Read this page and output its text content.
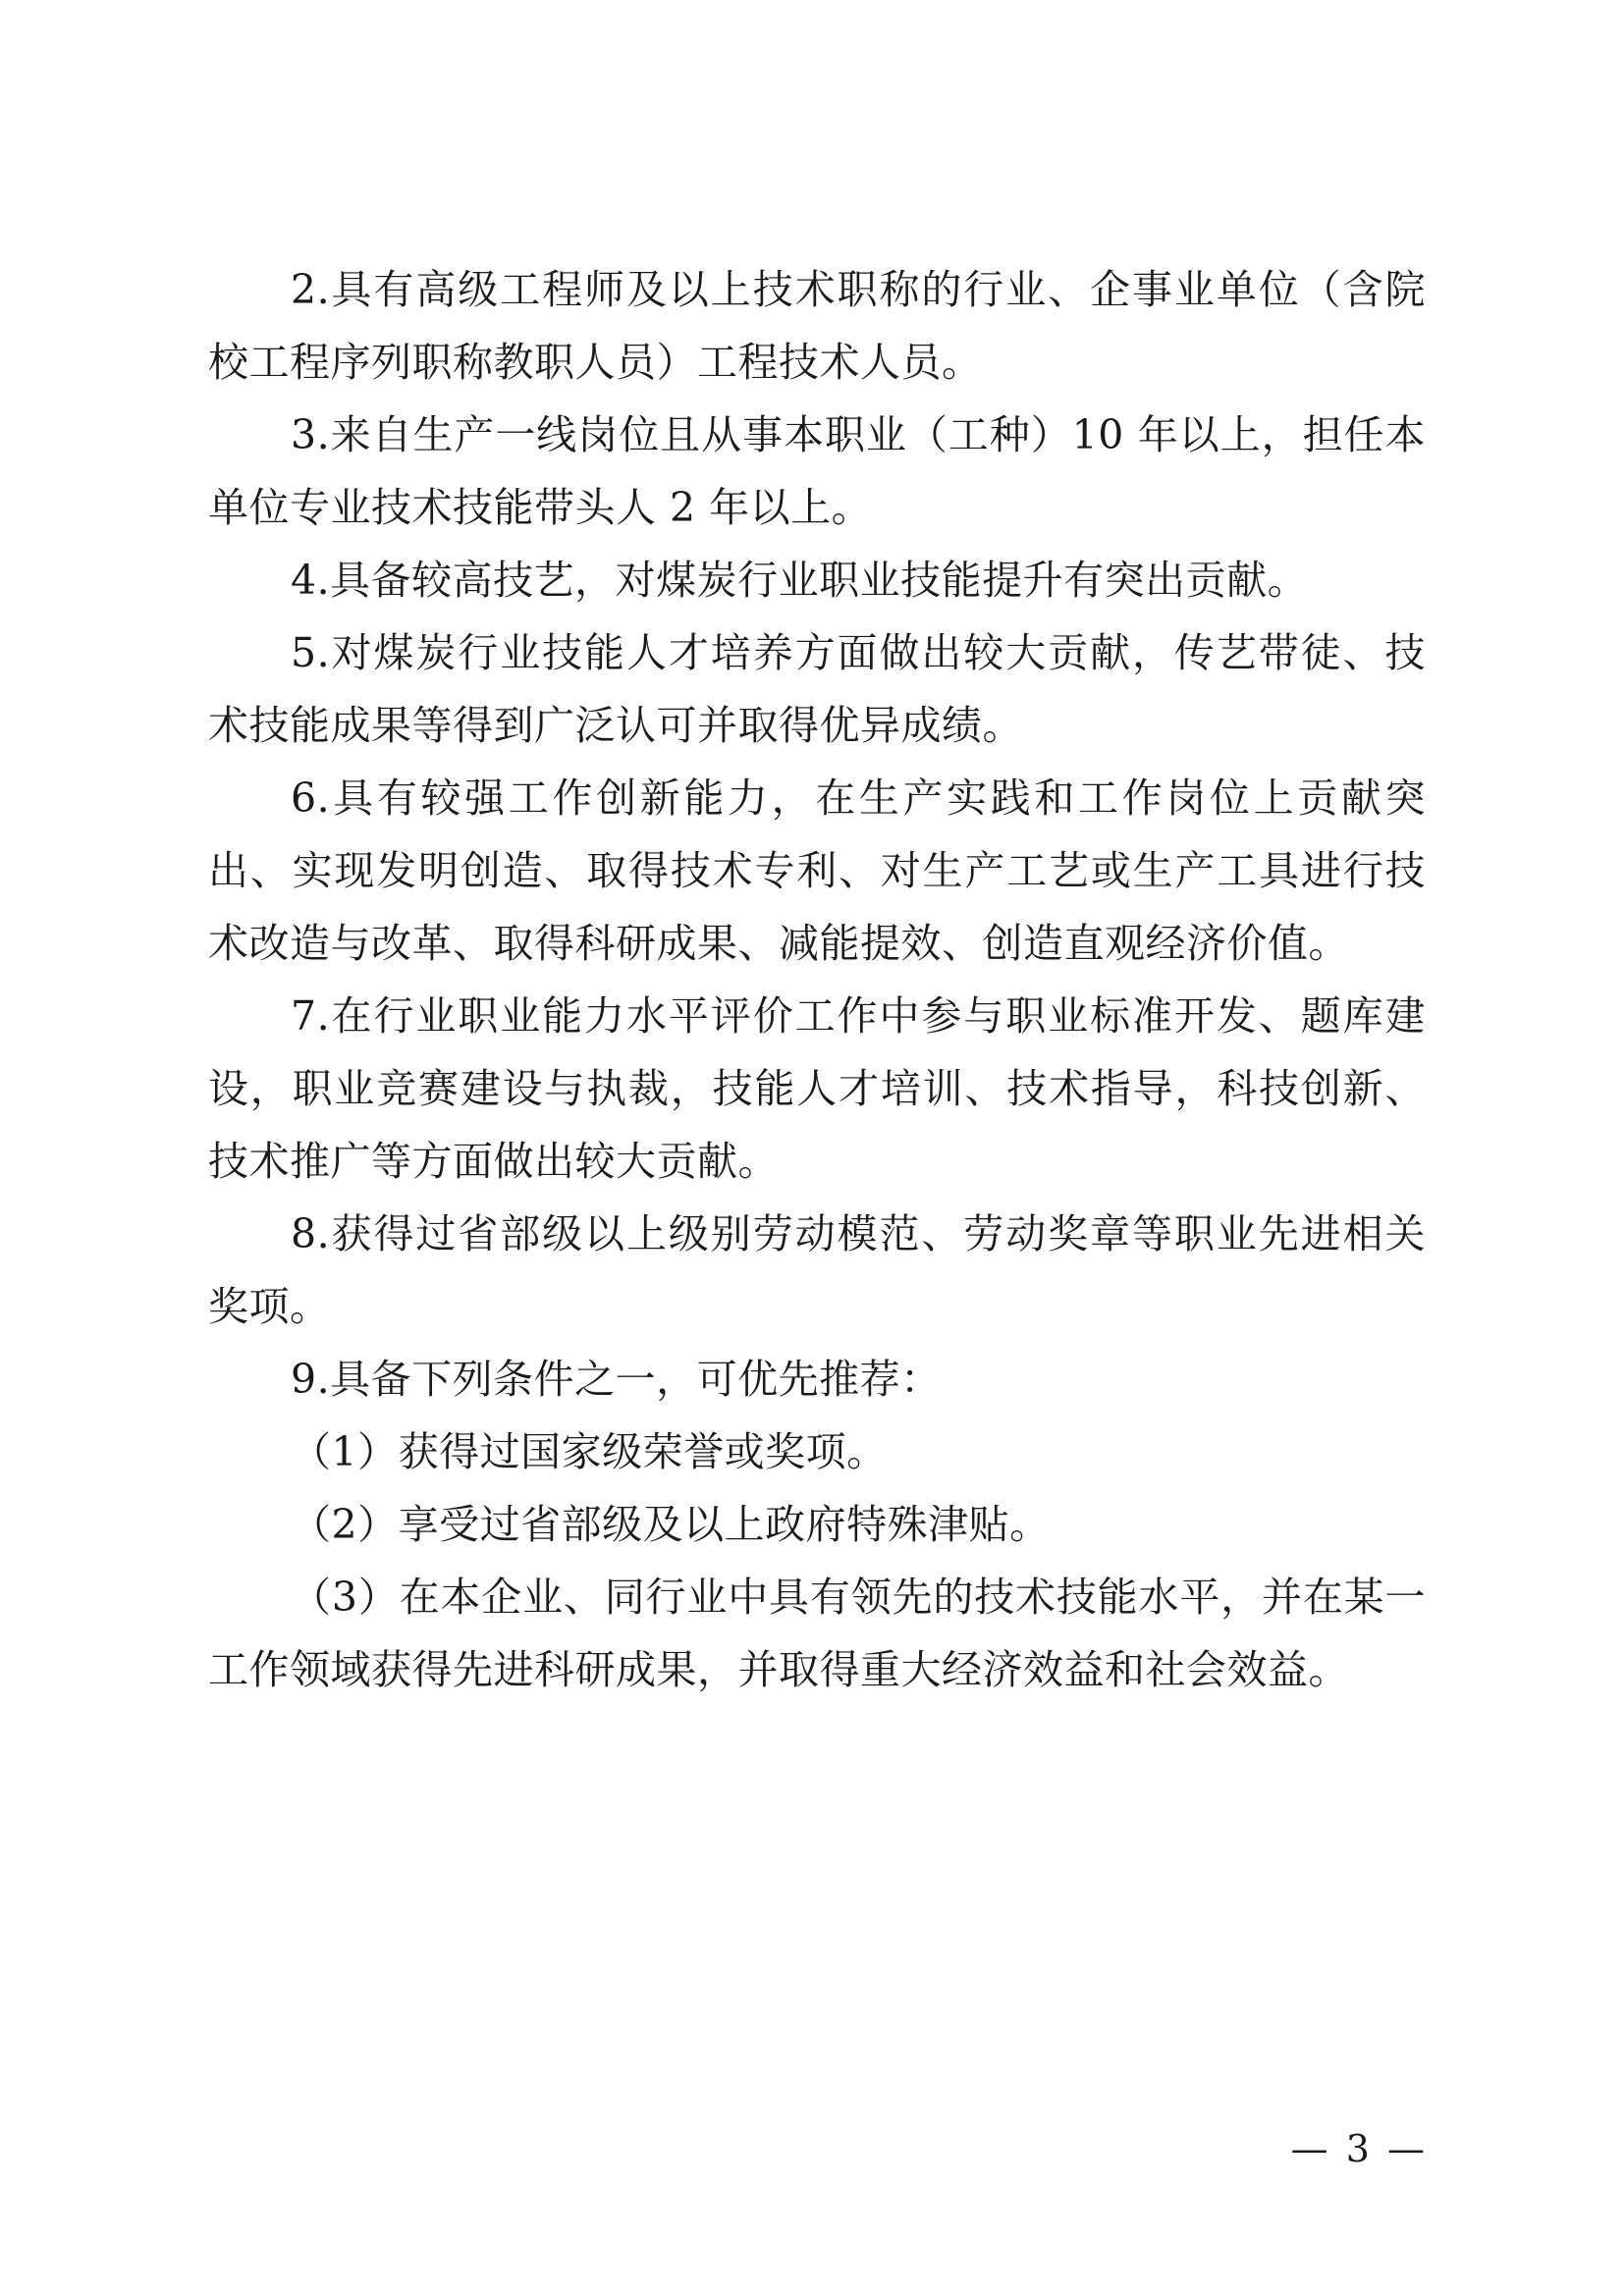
2.具有高级工程师及以上技术职称的行业、企事业单位（含院校工程序列职称教职人员）工程技术人员。

3.来自生产一线岗位且从事本职业（工种）10 年以上，担任本单位专业技术技能带头人 2 年以上。

4.具备较高技艺，对煤炭行业职业技能提升有突出贡献。

5.对煤炭行业技能人才培养方面做出较大贡献，传艺带徒、技术技能成果等得到广泛认可并取得优异成绩。

6.具有较强工作创新能力，在生产实践和工作岗位上贡献突出、实现发明创造、取得技术专利、对生产工艺或生产工具进行技术改造与改革、取得科研成果、减能提效、创造直观经济价值。

7.在行业职业能力水平评价工作中参与职业标准开发、题库建设，职业竞赛建设与执裁，技能人才培训、技术指导，科技创新、技术推广等方面做出较大贡献。

8.获得过省部级以上级别劳动模范、劳动奖章等职业先进相关奖项。

9.具备下列条件之一，可优先推荐：

（1）获得过国家级荣誉或奖项。

（2）享受过省部级及以上政府特殊津贴。

（3）在本企业、同行业中具有领先的技术技能水平，并在某一工作领域获得先进科研成果，并取得重大经济效益和社会效益。

— 3 —
